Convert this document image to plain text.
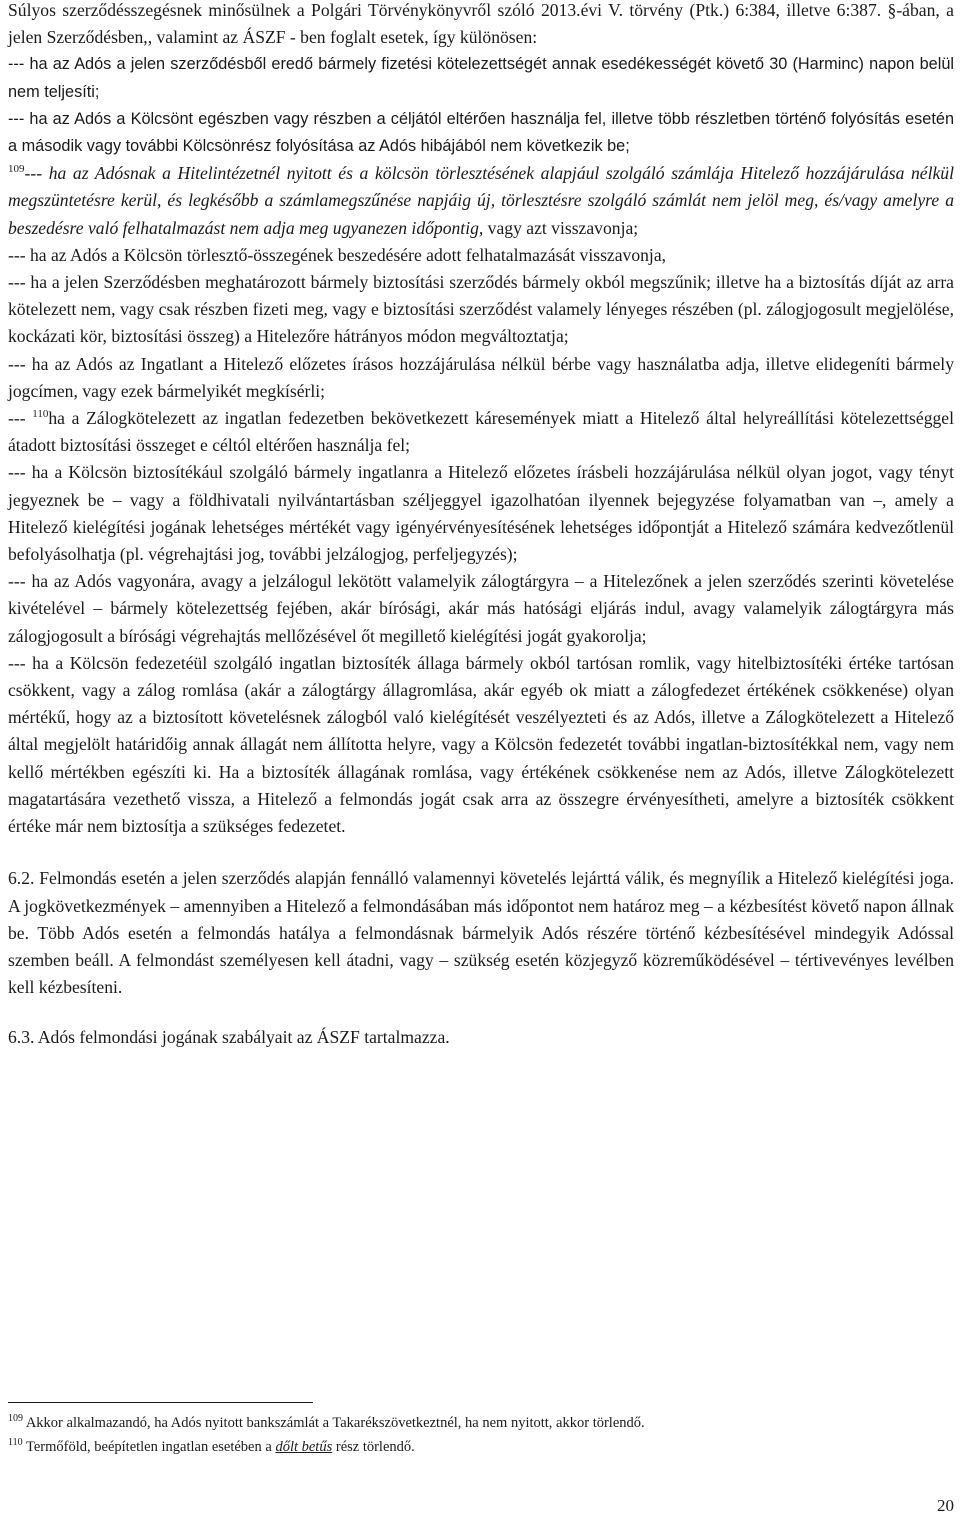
Súlyos szerződésszegésnek minősülnek a Polgári Törvénykönyvről szóló 2013.évi V. törvény (Ptk.) 6:384, illetve 6:387. §-ában, a jelen Szerződésben,, valamint az ÁSZF - ben foglalt esetek, így különösen:

--- ha az Adós a jelen szerződésből eredő bármely fizetési kötelezettségét annak esedékességét követő 30 (Harminc) napon belül nem teljesíti;

--- ha az Adós a Kölcsönt egészben vagy részben a céljától eltérően használja fel, illetve több részletben történő folyósítás esetén a második vagy további Kölcsönrész folyósítása az Adós hibájából nem következik be;

$^{109}$--- ha az Adósnak a Hitelintézetnél nyitott és a kölcsön törlesztésének alapjául szolgáló számlája Hitelező hozzájárulása nélkül megszüntetésre kerül, és legkésőbb a számlamegszűnése napjáig új, törlesztésre szolgáló számlát nem jelöl meg, és/vagy amelyre a beszedésre való felhatalmazást nem adja meg ugyanezen időpontig, vagy azt visszavonja;

--- ha az Adós a Kölcsön törlesztő-összegének beszedésére adott felhatalmazását visszavonja,

--- ha a jelen Szerződésben meghatározott bármely biztosítási szerződés bármely okból megszűnik; illetve ha a biztosítás díját az arra kötelezett nem, vagy csak részben fizeti meg, vagy e biztosítási szerződést valamely lényeges részében (pl. zálogjogosult megjelölése, kockázati kör, biztosítási összeg) a Hitelezőre hátrányos módon megváltoztatja;

--- ha az Adós az Ingatlant a Hitelező előzetes írásos hozzájárulása nélkül bérbe vagy használatba adja, illetve elidegeníti bármely jogcímen, vagy ezek bármelyikét megkísérli;

--- $^{110}$ha a Zálogkötelezett az ingatlan fedezetben bekövetkezett káresemények miatt a Hitelező által helyreállítási kötelezettséggel átadott biztosítási összeget e céltól eltérően használja fel;

--- ha a Kölcsön biztosítékául szolgáló bármely ingatlanra a Hitelező előzetes írásbeli hozzájárulása nélkül olyan jogot, vagy tényt jegyeznek be – vagy a földhivatali nyilvántartásban széljeggyel igazolhatóan ilyennek bejegyzése folyamatban van –, amely a Hitelező kielégítési jogának lehetséges mértékét vagy igényérvényesítésének lehetséges időpontját a Hitelező számára kedvezőtlenül befolyásolhatja (pl. végrehajtási jog, további jelzálogjog, perfeljegyzés);

--- ha az Adós vagyonára, avagy a jelzálogul lekötött valamelyik zálogtárgyra – a Hitelezőnek a jelen szerződés szerinti követelése kivételével – bármely kötelezettség fejében, akár bírósági, akár más hatósági eljárás indul, avagy valamelyik zálogtárgyra más zálogjogosult a bírósági végrehajtás mellőzésével őt megillető kielégítési jogát gyakorolja;

--- ha a Kölcsön fedezetéül szolgáló ingatlan biztosíték állaga bármely okból tartósan romlik, vagy hitelbiztosítéki értéke tartósan csökkent, vagy a zálog romlása (akár a zálogtárgy állagromlása, akár egyéb ok miatt a zálogfedezet értékének csökkenése) olyan mértékű, hogy az a biztosított követelésnek zálogból való kielégítését veszélyezteti és az Adós, illetve a Zálogkötelezett a Hitelező által megjelölt határidőig annak állagát nem állította helyre, vagy a Kölcsön fedezetét további ingatlan-biztosítékkal nem, vagy nem kellő mértékben egészíti ki. Ha a biztosíték állagának romlása, vagy értékének csökkenése nem az Adós, illetve Zálogkötelezett magatartására vezethető vissza, a Hitelező a felmondás jogát csak arra az összegre érvényesítheti, amelyre a biztosíték csökkent értéke már nem biztosítja a szükséges fedezetet.

6.2. Felmondás esetén a jelen szerződés alapján fennálló valamennyi követelés lejárttá válik, és megnyílik a Hitelező kielégítési joga. A jogkövetkezmények – amennyiben a Hitelező a felmondásában más időpontot nem határoz meg – a kézbesítést követő napon állnak be. Több Adós esetén a felmondás hatálya a felmondásnak bármelyik Adós részére történő kézbesítésével mindegyik Adóssal szemben beáll. A felmondást személyesen kell átadni, vagy – szükség esetén közjegyző közreműködésével – tértivevényes levélben kell kézbesíteni.

6.3. Adós felmondási jogának szabályait az ÁSZF tartalmazza.

$^{109}$ Akkor alkalmazandó, ha Adós nyitott bankszámlát a Takarékszövetkeztnél, ha nem nyitott, akkor törlendő.
$^{110}$ Termőföld, beépítetlen ingatlan esetében a dőlt betűs rész törlendő.
20
